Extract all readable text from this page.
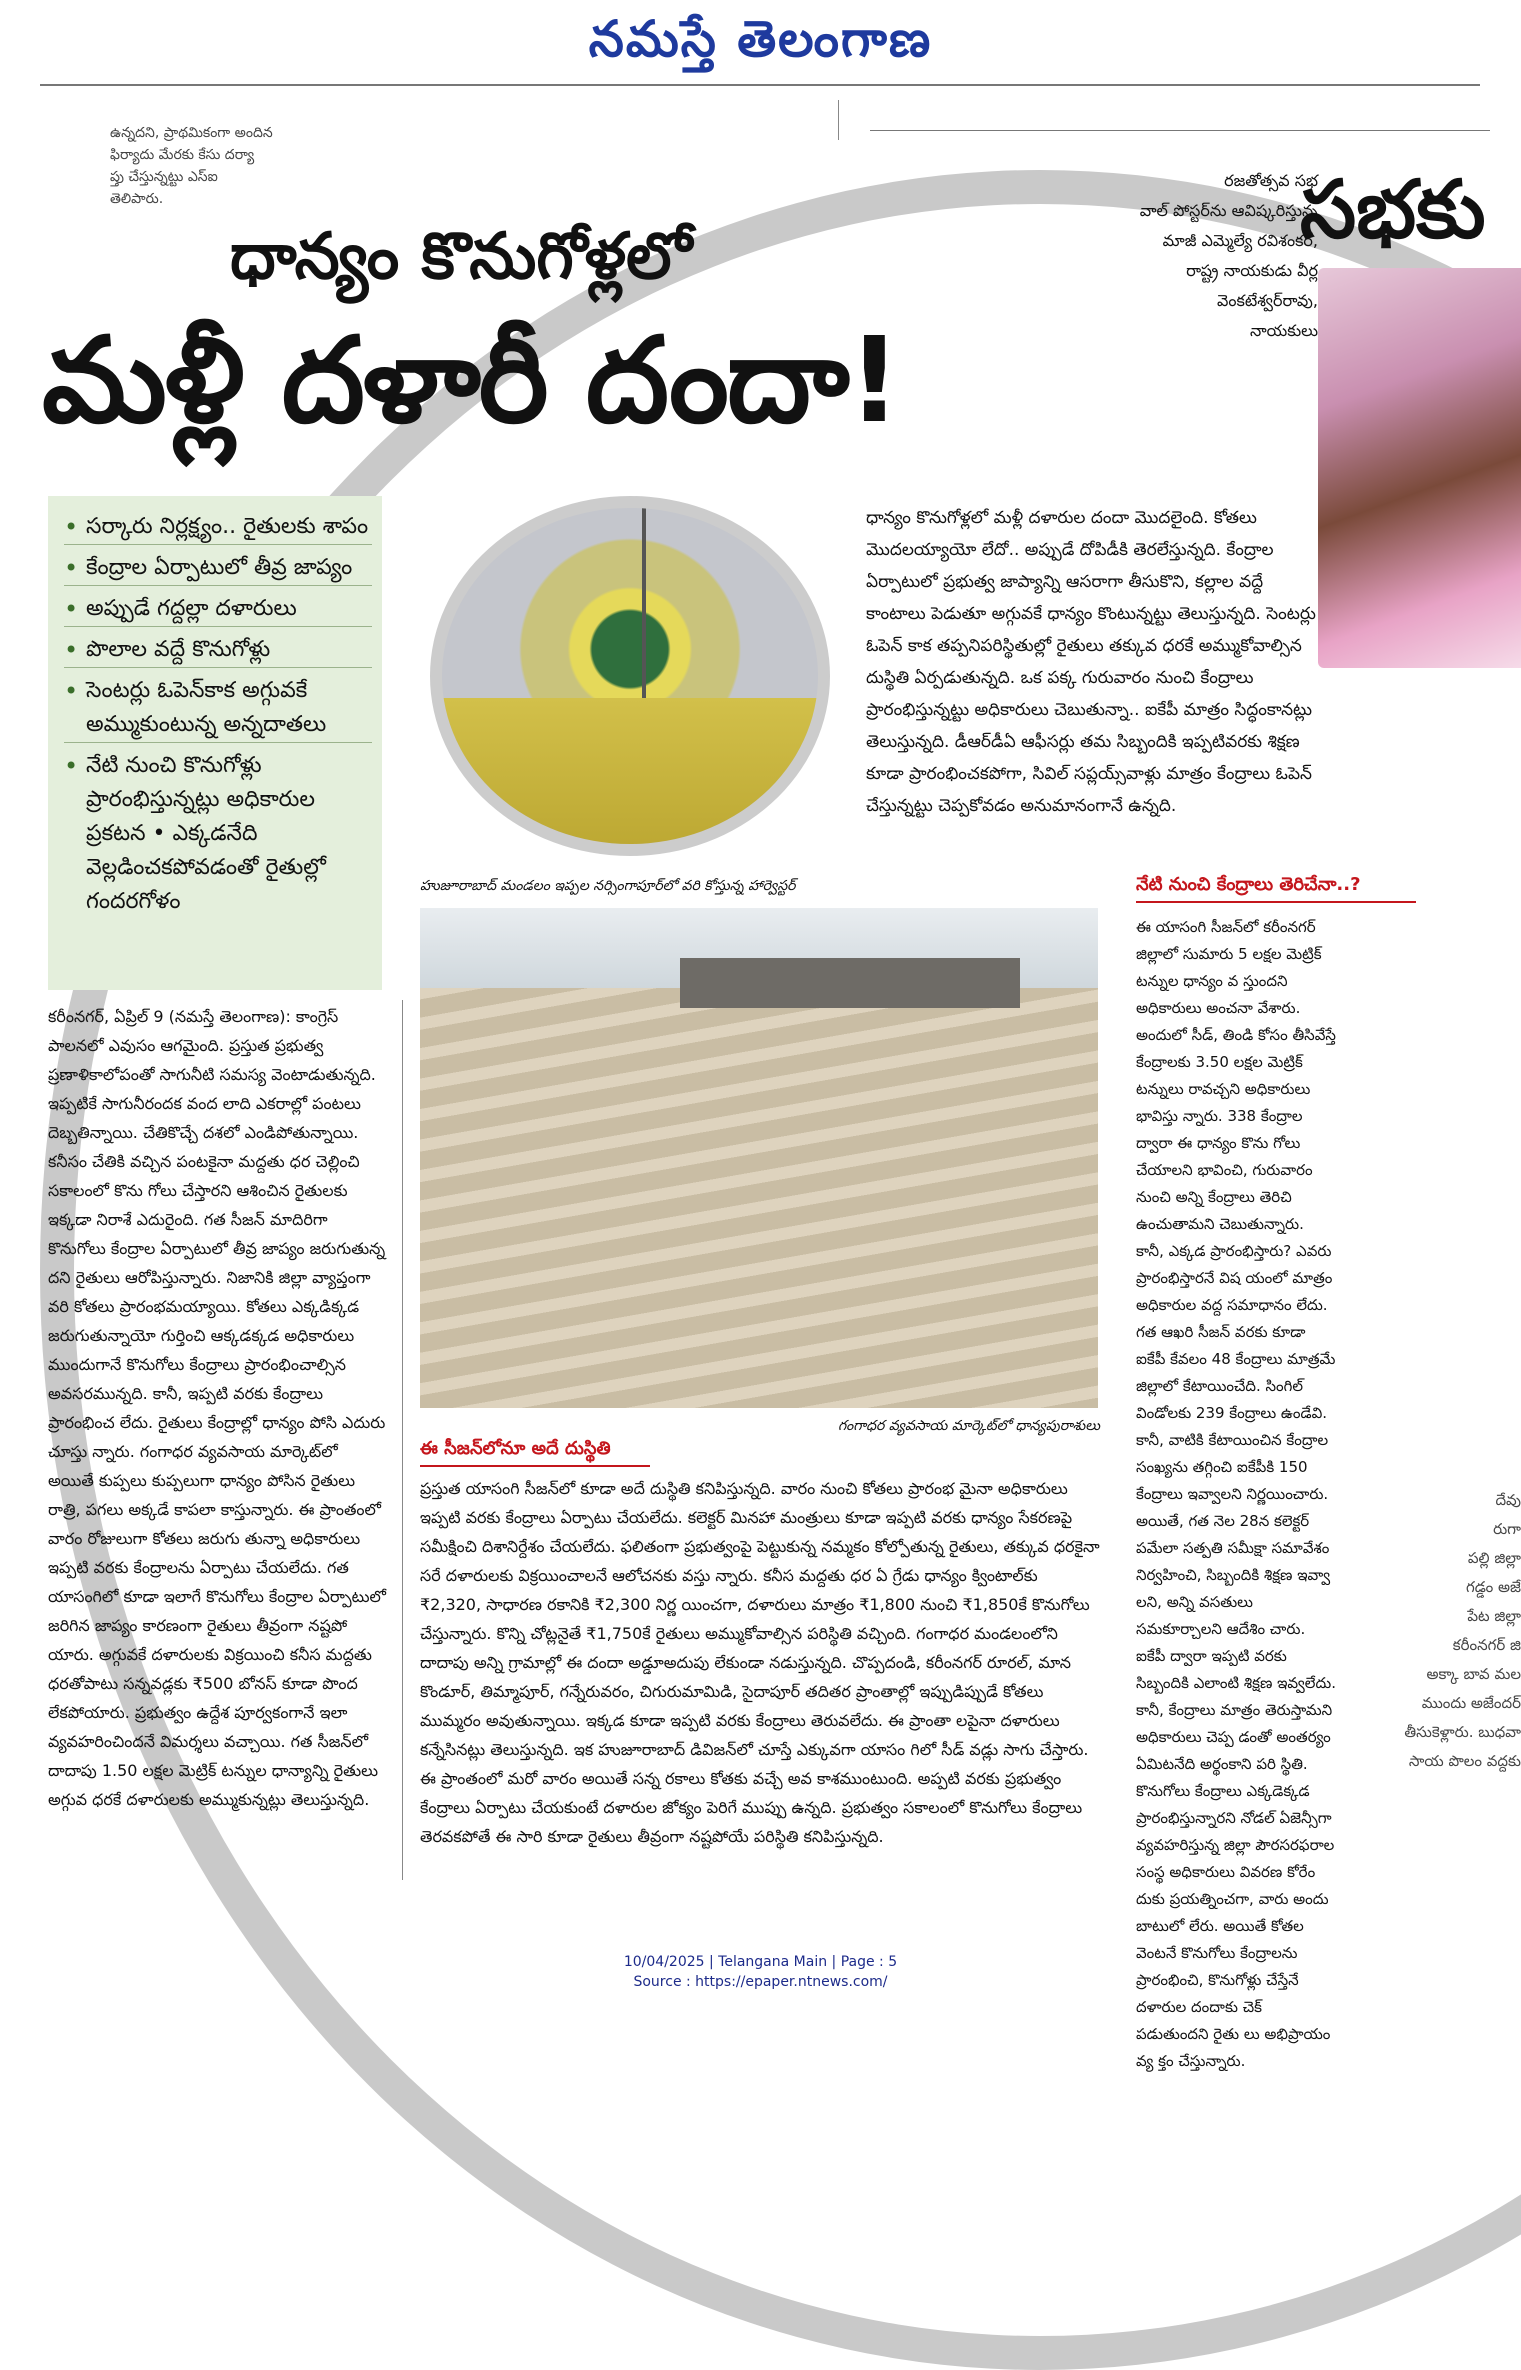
నమస్తే తెలంగాణ
ఉన్నదని, ప్రాథమికంగా అందిన
ఫిర్యాదు మేరకు కేసు దర్యా
ప్తు చేస్తున్నట్టు ఎస్ఐ
తెలిపారు.
రజతోత్సవ సభ
వాల్ పోస్టర్‌ను ఆవిష్కరిస్తున్న
మాజీ ఎమ్మెల్యే రవిశంకర్,
రాష్ట్ర నాయకుడు వీర్ల
వెంకటేశ్వర్‌రావు,
నాయకులు
సభకు
ధాన్యం కొనుగోళ్లలో
మళ్లీ దళారీ దందా!
• సర్కారు నిర్లక్ష్యం.. రైతులకు శాపం
• కేంద్రాల ఏర్పాటులో తీవ్ర జాప్యం
• అప్పుడే గద్దల్లా దళారులు
• పొలాల వద్దే కొనుగోళ్లు
• సెంటర్లు ఓపెన్‌కాక అగ్గువకే అమ్ముకుంటున్న అన్నదాతలు
• నేటి నుంచి కొనుగోళ్లు ప్రారంభిస్తున్నట్లు అధికారుల ప్రకటన • ఎక్కడనేది వెల్లడించకపోవడంతో రైతుల్లో గందరగోళం
ధాన్యం కొనుగోళ్లలో మళ్లీ దళారుల దందా మొదలైంది. కోతలు మొదలయ్యాయో లేదో.. అప్పుడే దోపిడీకి తెరలేస్తున్నది. కేంద్రాల ఏర్పాటులో ప్రభుత్వ జాప్యాన్ని ఆసరాగా తీసుకొని, కల్లాల వద్దే కాంటాలు పెడుతూ అగ్గువకే ధాన్యం కొంటున్నట్టు తెలుస్తున్నది. సెంటర్లు ఓపెన్ కాక తప్పనిపరిస్థితుల్లో రైతులు తక్కువ ధరకే అమ్ముకోవాల్సిన దుస్థితి ఏర్పడుతున్నది. ఒక పక్క గురువారం నుంచి కేంద్రాలు ప్రారంభిస్తున్నట్టు అధికారులు చెబుతున్నా.. ఐకేపీ మాత్రం సిద్ధంకానట్లు తెలుస్తున్నది. డీఆర్‌డీఏ ఆఫీసర్లు తమ సిబ్బందికి ఇప్పటివరకు శిక్షణ కూడా ప్రారంభించకపోగా, సివిల్ సప్లయ్స్‌వాళ్లు మాత్రం కేంద్రాలు ఓపెన్ చేస్తున్నట్టు చెప్పకోవడం అనుమానంగానే ఉన్నది.
హుజూరాబాద్ మండలం ఇప్పల నర్సింగాపూర్‌లో వరి కోస్తున్న హార్వెస్టర్
గంగాధర వ్యవసాయ మార్కెట్‌లో ధాన్యపురాశులు
కరీంనగర్, ఏప్రిల్ 9 (నమస్తే తెలంగాణ): కాంగ్రెస్ పాలనలో ఎవుసం ఆగమైంది. ప్రస్తుత ప్రభుత్వ ప్రణాళికాలోపంతో సాగునీటి సమస్య వెంటాడుతున్నది. ఇప్పటికే సాగునీరందక వంద లాది ఎకరాల్లో పంటలు దెబ్బతిన్నాయి. చేతికొచ్చే దశలో ఎండిపోతున్నాయి. కనీసం చేతికి వచ్చిన పంటకైనా మద్దతు ధర చెల్లించి సకాలంలో కొను గోలు చేస్తారని ఆశించిన రైతులకు ఇక్కడా నిరాశే ఎదురైంది. గత సీజన్ మాదిరిగా కొనుగోలు కేంద్రాల ఏర్పాటులో తీవ్ర జాప్యం జరుగుతున్న దని రైతులు ఆరోపిస్తున్నారు. నిజానికి జిల్లా వ్యాప్తంగా వరి కోతలు ప్రారంభమయ్యాయి. కోతలు ఎక్కడిక్కడ జరుగుతున్నాయో గుర్తించి ఆక్కడక్కడ అధికారులు ముందుగానే కొనుగోలు కేంద్రాలు ప్రారంభించాల్సిన అవసరమున్నది. కానీ, ఇప్పటి వరకు కేంద్రాలు ప్రారంభించ లేదు. రైతులు కేంద్రాల్లో ధాన్యం పోసి ఎదురు చూస్తు న్నారు. గంగాధర వ్యవసాయ మార్కెట్‌లో అయితే కుప్పలు కుప్పలుగా ధాన్యం పోసిన రైతులు రాత్రి, పగలు అక్కడే కాపలా కాస్తున్నారు. ఈ ప్రాంతంలో వారం రోజులుగా కోతలు జరుగు తున్నా అధికారులు ఇప్పటి వరకు కేంద్రాలను ఏర్పాటు చేయలేదు. గత యాసంగిలో కూడా ఇలాగే కొనుగోలు కేంద్రాల ఏర్పాటులో జరిగిన జాప్యం కారణంగా రైతులు తీవ్రంగా నష్టపో యారు. అగ్గువకే దళారులకు విక్రయించి కనీస మద్దతు ధరతోపాటు సన్నవడ్లకు ₹500 బోనస్ కూడా పొంద లేకపోయారు. ప్రభుత్వం ఉద్దేశ పూర్వకంగానే ఇలా వ్యవహరించిందనే విమర్శలు వచ్చాయి. గత సీజన్‌లో దాదాపు 1.50 లక్షల మెట్రిక్ టన్నుల ధాన్యాన్ని రైతులు అగ్గువ ధరకే దళారులకు అమ్ముకున్నట్లు తెలుస్తున్నది.
ఈ సీజన్‌లోనూ అదే దుస్థితి
ప్రస్తుత యాసంగి సీజన్‌లో కూడా అదే దుస్థితి కనిపిస్తున్నది. వారం నుంచి కోతలు ప్రారంభ మైనా అధికారులు ఇప్పటి వరకు కేంద్రాలు ఏర్పాటు చేయలేదు. కలెక్టర్ మినహా మంత్రులు కూడా ఇప్పటి వరకు ధాన్యం సేకరణపై సమీక్షించి దిశానిర్దేశం చేయలేదు. ఫలితంగా ప్రభుత్వంపై పెట్టుకున్న నమ్మకం కోల్పోతున్న రైతులు, తక్కువ ధరకైనా సరే దళారులకు విక్రయించాలనే ఆలోచనకు వస్తు న్నారు. కనీస మద్దతు ధర ఏ గ్రేడు ధాన్యం క్వింటాల్‌కు ₹2,320, సాధారణ రకానికి ₹2,300 నిర్ణ యించగా, దళారులు మాత్రం ₹1,800 నుంచి ₹1,850కే కొనుగోలు చేస్తున్నారు. కొన్ని చోట్లనైతే ₹1,750కే రైతులు అమ్ముకోవాల్సిన పరిస్థితి వచ్చింది. గంగాధర మండలంలోని దాదాపు అన్ని గ్రామాల్లో ఈ దందా అడ్డూఅదుపు లేకుండా నడుస్తున్నది. చొప్పదండి, కరీంనగర్ రూరల్, మాన కొండూర్, తిమ్మాపూర్, గన్నేరువరం, చిగురుమామిడి, సైదాపూర్ తదితర ప్రాంతాల్లో ఇప్పుడిప్పుడే కోతలు ముమ్మరం అవుతున్నాయి. ఇక్కడ కూడా ఇప్పటి వరకు కేంద్రాలు తెరువలేదు. ఈ ప్రాంతా లపైనా దళారులు కన్నేసినట్లు తెలుస్తున్నది. ఇక హుజూరాబాద్ డివిజన్‌లో చూస్తే ఎక్కువగా యాసం గిలో సీడ్ వడ్లు సాగు చేస్తారు. ఈ ప్రాంతంలో మరో వారం అయితే సన్న రకాలు కోతకు వచ్చే అవ కాశముంటుంది. అప్పటి వరకు ప్రభుత్వం కేంద్రాలు ఏర్పాటు చేయకుంటే దళారుల జోక్యం పెరిగే ముప్పు ఉన్నది. ప్రభుత్వం సకాలంలో కొనుగోలు కేంద్రాలు తెరవకపోతే ఈ సారి కూడా రైతులు తీవ్రంగా నష్టపోయే పరిస్థితి కనిపిస్తున్నది.
నేటి నుంచి కేంద్రాలు తెరిచేనా..?
ఈ యాసంగి సీజన్‌లో కరీంనగర్ జిల్లాలో సుమారు 5 లక్షల మెట్రిక్ టన్నుల ధాన్యం వ స్తుందని అధికారులు అంచనా వేశారు. అందులో సీడ్, తిండి కోసం తీసివేస్తే కేంద్రాలకు 3.50 లక్షల మెట్రిక్ టన్నులు రావచ్చని అధికారులు భావిస్తు న్నారు. 338 కేంద్రాల ద్వారా ఈ ధాన్యం కొను గోలు చేయాలని భావించి, గురువారం నుంచి అన్ని కేంద్రాలు తెరిచి ఉంచుతామని చెబుతున్నారు. కానీ, ఎక్కడ ప్రారంభిస్తారు? ఎవరు ప్రారంభిస్తారనే విష యంలో మాత్రం అధికారుల వద్ద సమాధానం లేదు. గత ఆఖరి సీజన్ వరకు కూడా ఐకేపీ కేవలం 48 కేంద్రాలు మాత్రమే జిల్లాలో కేటాయించేది. సింగిల్ విండోలకు 239 కేంద్రాలు ఉండేవి. కానీ, వాటికి కేటాయించిన కేంద్రాల సంఖ్యను తగ్గించి ఐకేపీకి 150 కేంద్రాలు ఇవ్వాలని నిర్ణయించారు. అయితే, గత నెల 28న కలెక్టర్ పమేలా సత్పతి సమీక్షా సమావేశం నిర్వహించి, సిబ్బందికి శిక్షణ ఇవ్వా లని, అన్ని వసతులు సమకూర్చాలని ఆదేశిం చారు. ఐకేపీ ద్వారా ఇప్పటి వరకు సిబ్బందికి ఎలాంటి శిక్షణ ఇవ్వలేదు. కానీ, కేంద్రాలు మాత్రం తెరుస్తామని అధికారులు చెప్ప డంతో అంతర్యం ఏమిటనేది అర్థంకాని పరి స్థితి. కొనుగోలు కేంద్రాలు ఎక్కడెక్కడ ప్రారంభిస్తున్నారని నోడల్ ఏజెన్సీగా వ్యవహరిస్తున్న జిల్లా పౌరసరఫరాల సంస్థ అధికారులు వివరణ కోరేం దుకు ప్రయత్నించగా, వారు అందు బాటులో లేరు. అయితే కోతల వెంటనే కొనుగోలు కేంద్రాలను ప్రారంభించి, కొనుగోళ్లు చేస్తేనే దళారుల దందాకు చెక్ పడుతుందని రైతు లు అభిప్రాయం వ్య క్తం చేస్తున్నారు.
దేవు
రుగా
పల్లి జిల్లా
గడ్డం అజే
పేట జిల్లా
కరీంనగర్ జి
అక్కా బావ మల
ముందు అజేందర్
తీసుకెళ్లారు. బుధవా
సాయ పొలం వద్దకు
10/04/2025 | Telangana Main | Page : 5
Source : https://epaper.ntnews.com/
